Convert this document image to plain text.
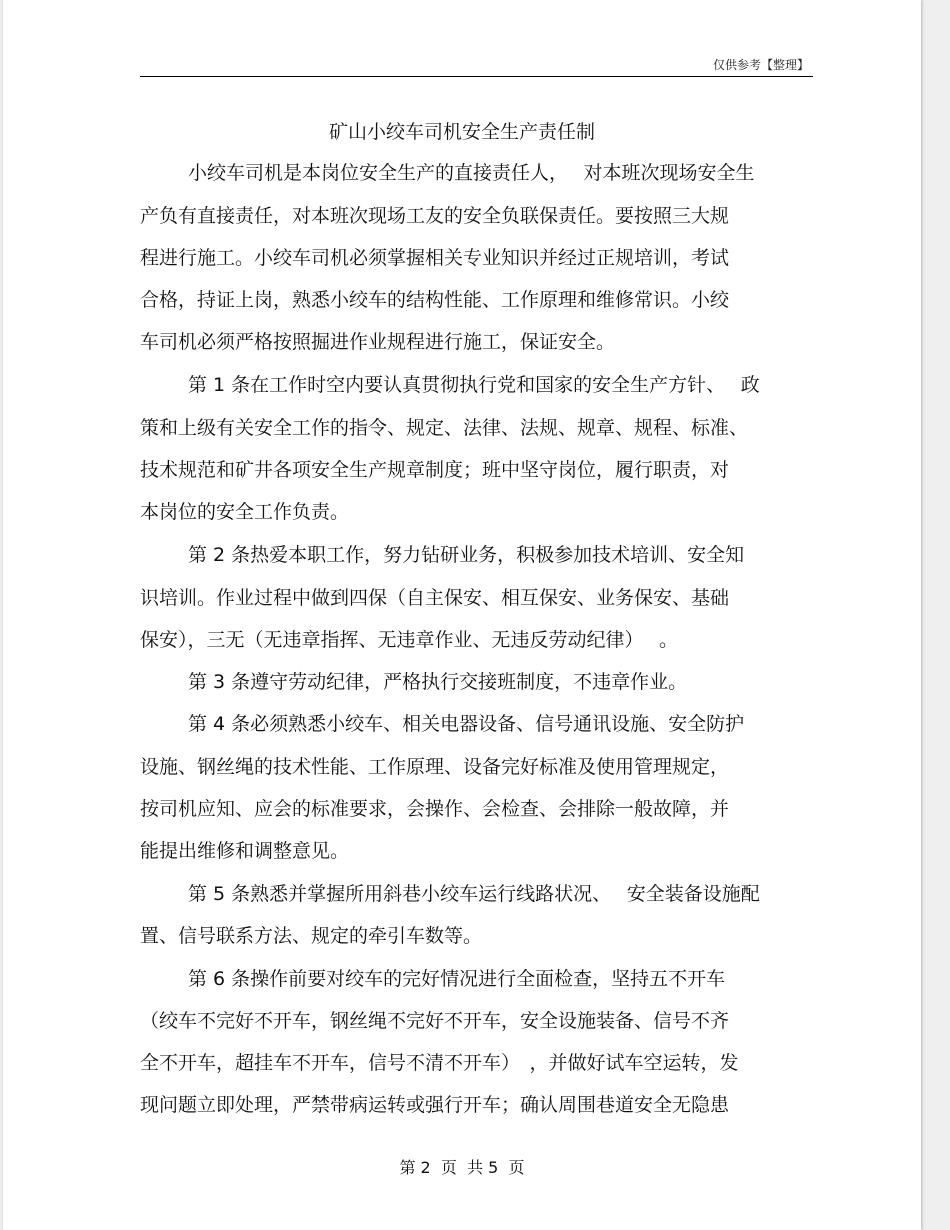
仅供参考【整理】
矿山小绞车司机安全生产责任制
小绞车司机是本岗位安全生产的直接责任人，　 对本班次现场安全生
产负有直接责任，对本班次现场工友的安全负联保责任。要按照三大规
程进行施工。小绞车司机必须掌握相关专业知识并经过正规培训，考试
合格，持证上岗，熟悉小绞车的结构性能、工作原理和维修常识。小绞
车司机必须严格按照掘进作业规程进行施工，保证安全。
第 1 条在工作时空内要认真贯彻执行党和国家的安全生产方针、　 政
策和上级有关安全工作的指令、规定、法律、法规、规章、规程、标准、
技术规范和矿井各项安全生产规章制度；班中坚守岗位，履行职责，对
本岗位的安全工作负责。
第 2 条热爱本职工作，努力钻研业务，积极参加技术培训、安全知
识培训。作业过程中做到四保（自主保安、相互保安、业务保安、基础
保安），三无（无违章指挥、无违章作业、无违反劳动纪律）　 。
第 3 条遵守劳动纪律，严格执行交接班制度，不违章作业。
第 4 条必须熟悉小绞车、相关电器设备、信号通讯设施、安全防护
设施、钢丝绳的技术性能、工作原理、设备完好标准及使用管理规定，
按司机应知、应会的标准要求，会操作、会检查、会排除一般故障，并
能提出维修和调整意见。
第 5 条熟悉并掌握所用斜巷小绞车运行线路状况、　 安全装备设施配
置、信号联系方法、规定的牵引车数等。
第 6 条操作前要对绞车的完好情况进行全面检查，坚持五不开车
（绞车不完好不开车，钢丝绳不完好不开车，安全设施装备、信号不齐
全不开车，超挂车不开车，信号不清不开车）　，并做好试车空运转，发
现问题立即处理，严禁带病运转或强行开车；确认周围巷道安全无隐患
第 2  页  共 5  页
